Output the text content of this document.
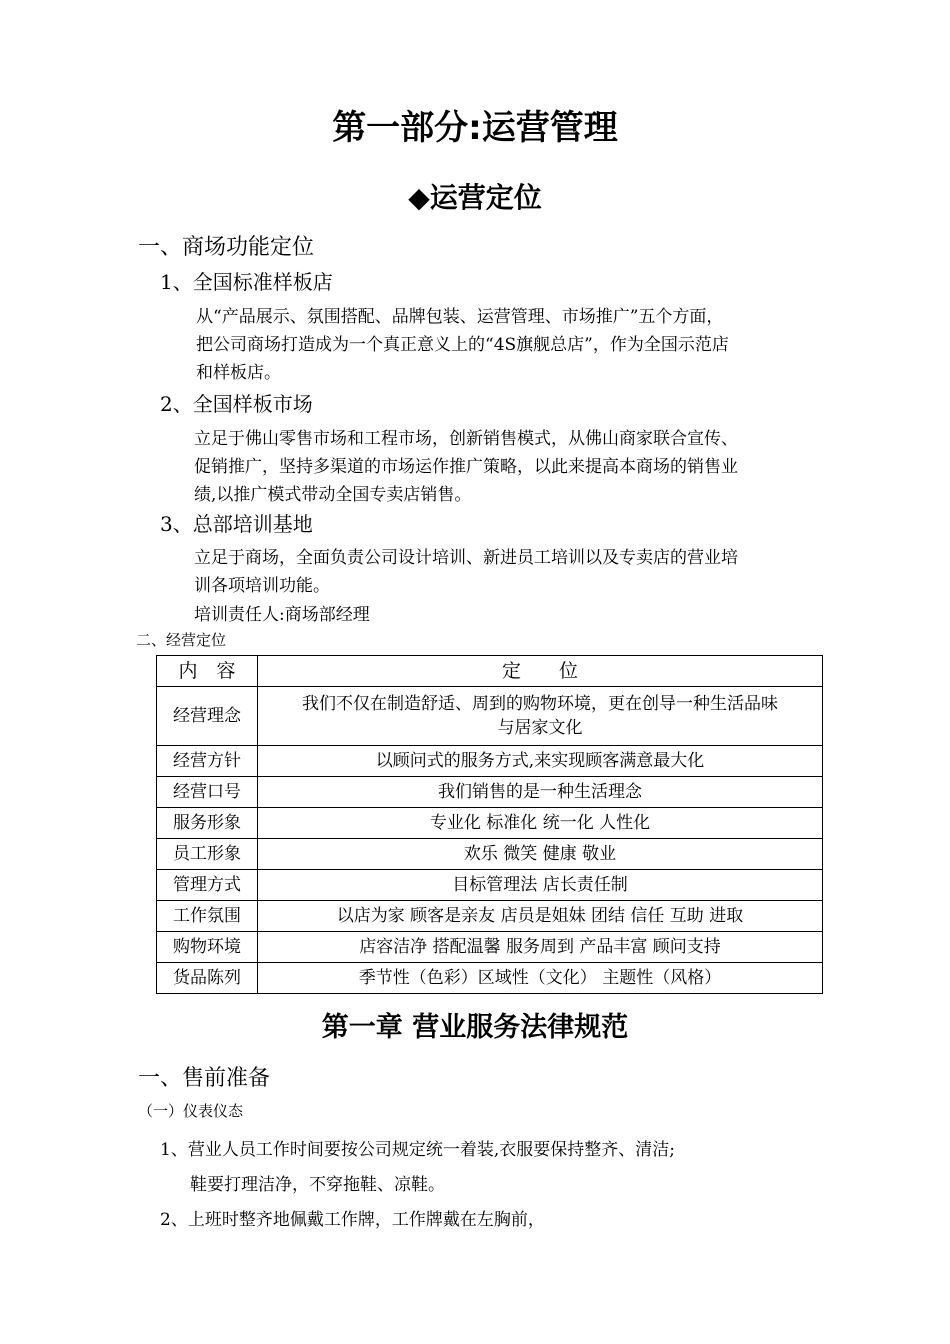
第一部分:运营管理
◆运营定位
一、商场功能定位
1、全国标准样板店
从“产品展示、氛围搭配、品牌包装、运营管理、市场推广”五个方面，
把公司商场打造成为一个真正意义上的“4S旗舰总店”，作为全国示范店
和样板店。
2、全国样板市场
立足于佛山零售市场和工程市场，创新销售模式，从佛山商家联合宣传、
促销推广，坚持多渠道的市场运作推广策略，以此来提高本商场的销售业
绩,以推广模式带动全国专卖店销售。
3、总部培训基地
立足于商场，全面负责公司设计培训、新进员工培训以及专卖店的营业培
训各项培训功能。
培训责任人:商场部经理
二、经营定位
内　容	定　　位
经营理念	我们不仅在制造舒适、周到的购物环境，更在创导一种生活品味
与居家文化

经营方针	以顾问式的服务方式,来实现顾客满意最大化
经营口号	我们销售的是一种生活理念
服务形象	专业化 标准化 统一化 人性化
员工形象	欢乐 微笑 健康 敬业
管理方式	目标管理法 店长责任制
工作氛围	以店为家 顾客是亲友 店员是姐妹 团结 信任 互助 进取
购物环境	店容洁净 搭配温馨 服务周到 产品丰富 顾问支持
货品陈列	季节性（色彩）区域性（文化） 主题性（风格）
第一章 营业服务法律规范
一、售前准备
（一）仪表仪态
1、营业人员工作时间要按公司规定统一着装,衣服要保持整齐、清洁;
鞋要打理洁净，不穿拖鞋、凉鞋。
2、上班时整齐地佩戴工作牌，工作牌戴在左胸前，
